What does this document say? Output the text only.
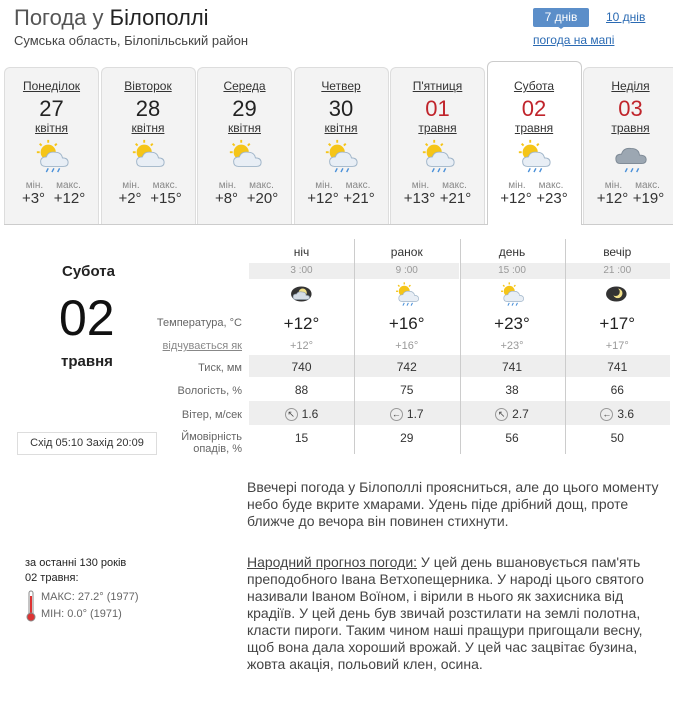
Погода у Білополлі
Сумська область, Білопільський район
7 днів	10 днів
погода на мапі
Понеділок
27
квітня
мін. макс.
+3° +12°
Вівторок
28
квітня
мін. макс.
+2° +15°
Середа
29
квітня
мін. макс.
+8° +20°
Четвер
30
квітня
мін. макс.
+12° +21°
П'ятниця
01
травня
мін. макс.
+13° +21°
Субота
02
травня
мін. макс.
+12° +23°
Неділя
03
травня
мін. макс.
+12° +19°
Субота
02
травня
Схід 05:10 Захід 20:09
ніч
3 :00
+12°
+12°
740
88
↖ 1.6
15
ранок
9 :00
+16°
+16°
742
75
← 1.7
29
день
15 :00
+23°
+23°
741
38
↖ 2.7
56
вечір
21 :00
+17°
+17°
741
66
← 3.6
50
Температура, °C
відчувається як
Тиск, мм
Вологість, %
Вітер, м/сек
Ймовірність
опадів, %
Ввечері погода у Білополлі проясниться, але до цього моменту небо буде вкрите хмарами. Удень піде дрібний дощ, проте ближче до вечора він повинен стихнути.
Народний прогноз погоди: У цей день вшановується пам'ять преподобного Івана Ветхопещерника. У народі цього святого називали Іваном Воїном, і вірили в нього як захисника від крадіїв. У цей день був звичай розстилати на землі полотна, класти пироги. Таким чином наші пращури пригощали весну, щоб вона дала хороший врожай. У цей час зацвітає бузина, жовта акація, польовий клен, осина.
за останні 130 років
02 травня:
МАКС: 27.2° (1977)
МІН: 0.0° (1971)
